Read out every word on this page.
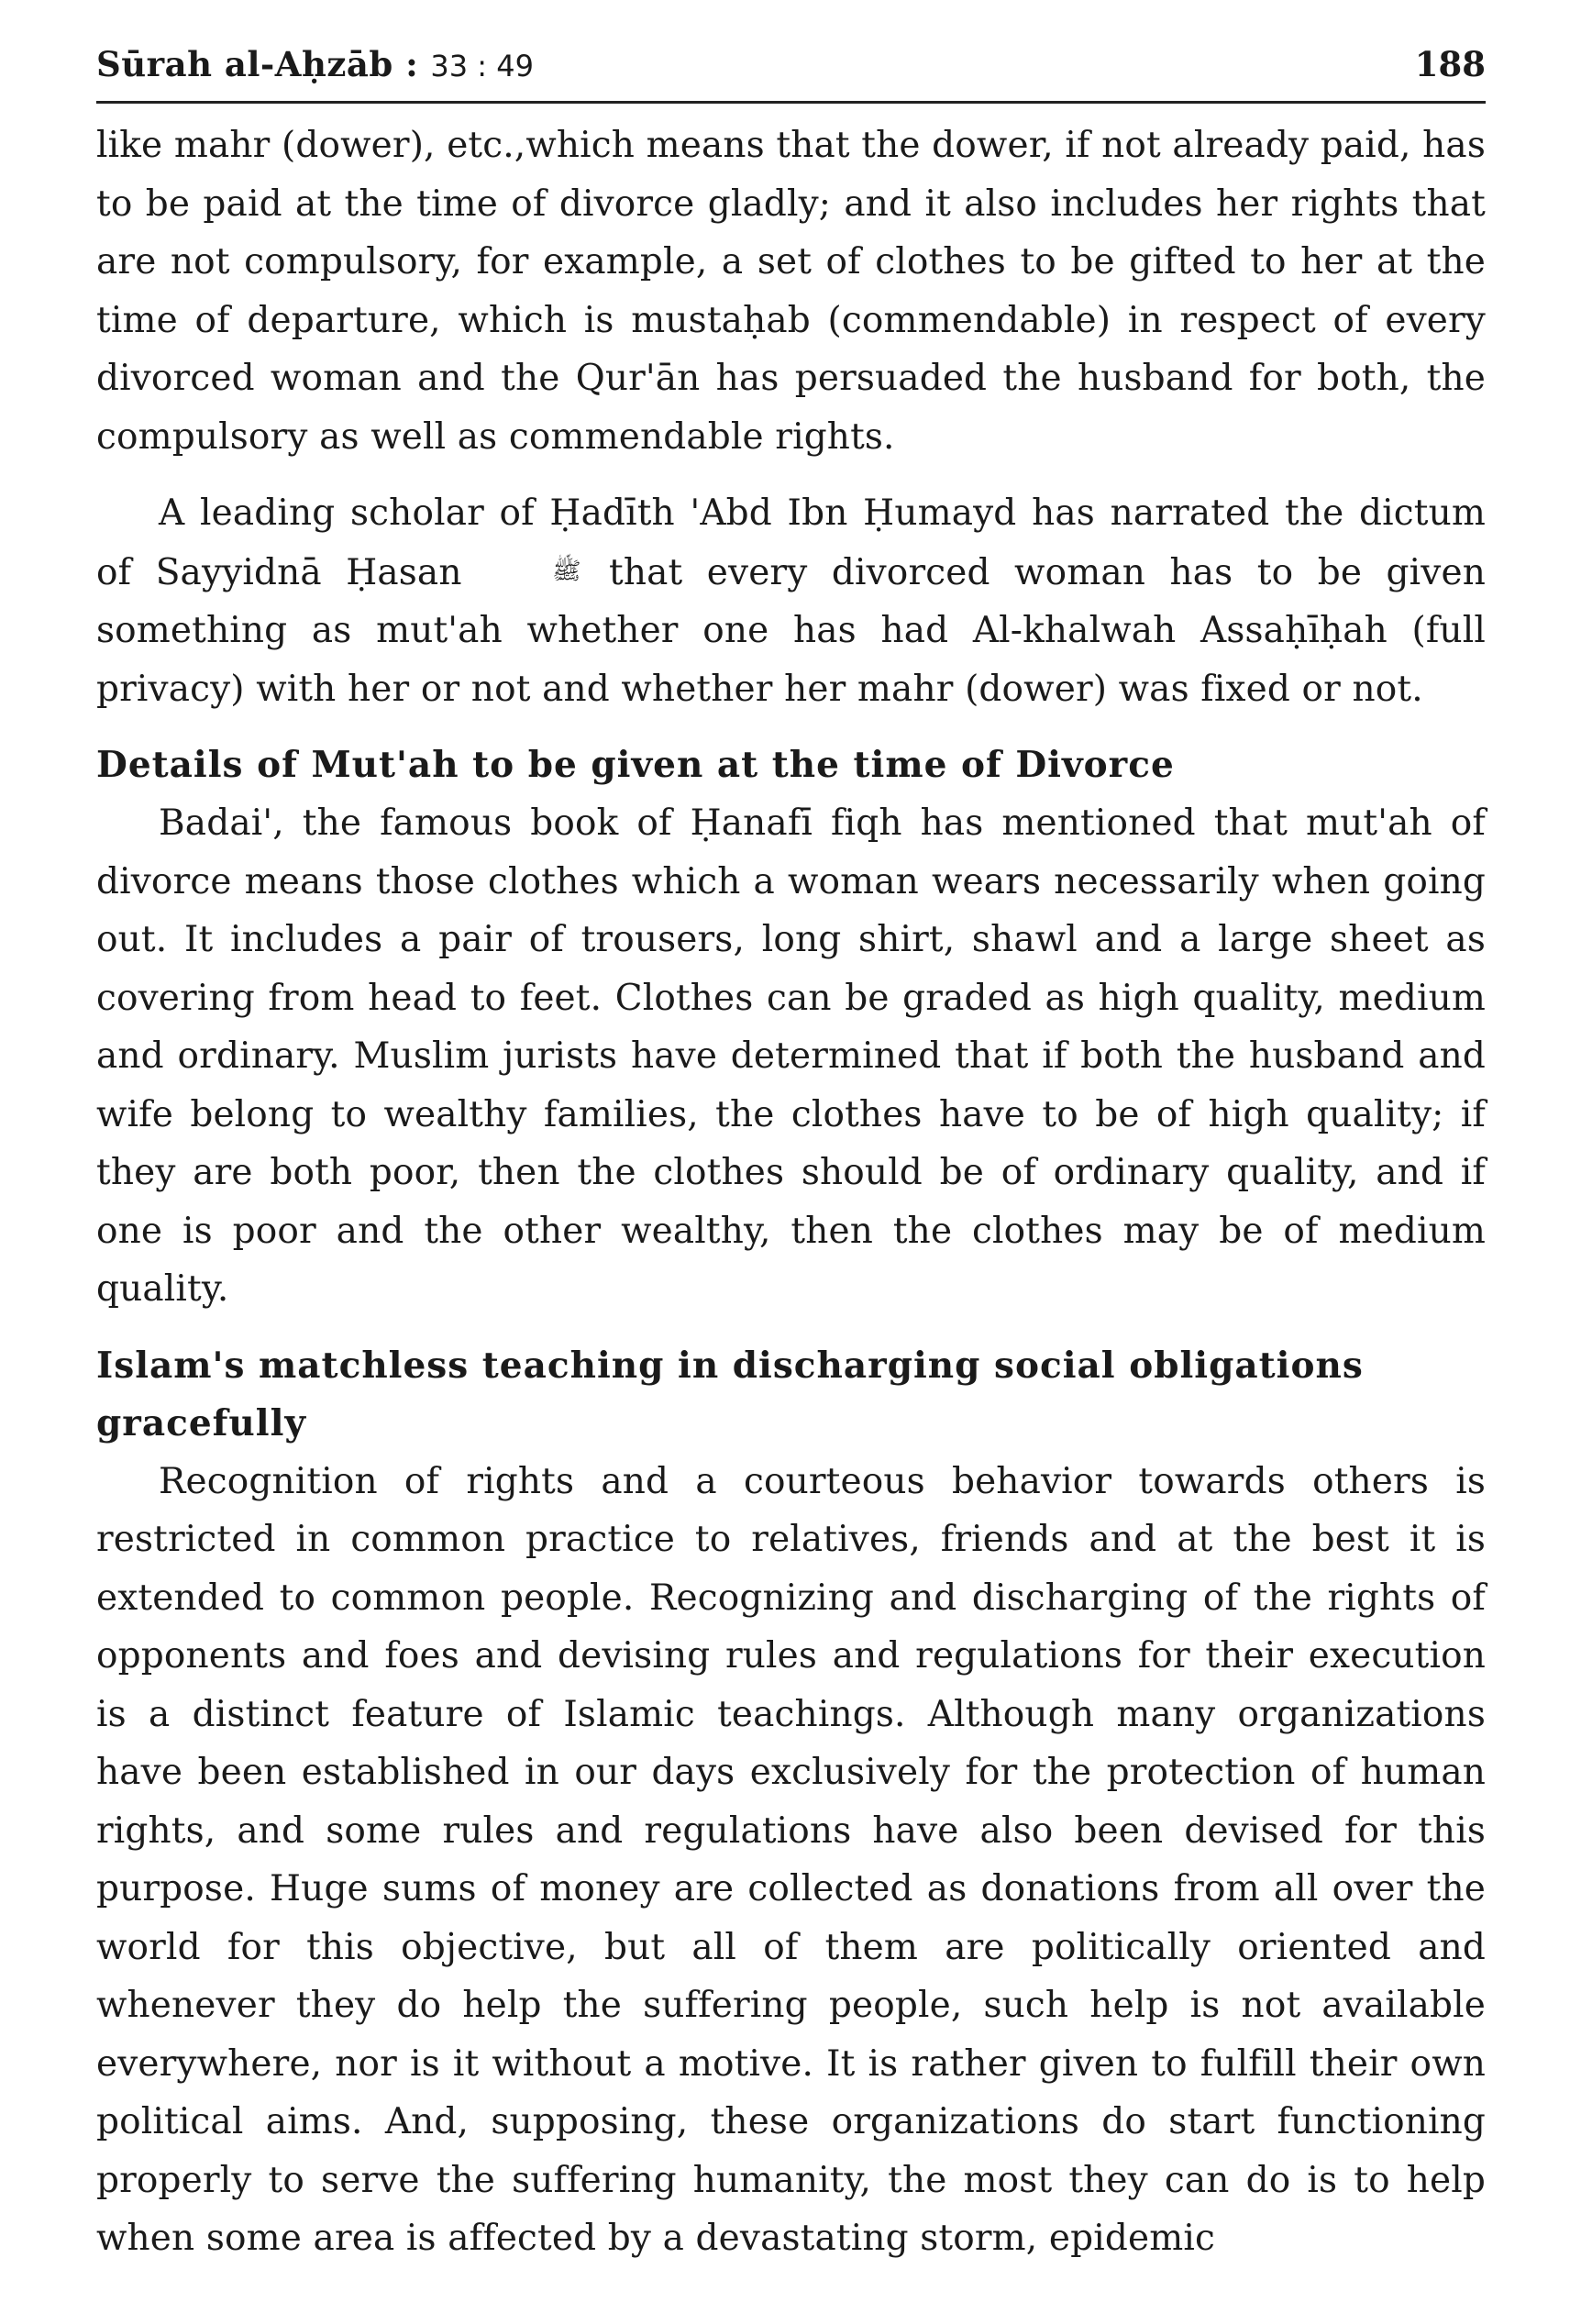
Sūrah al-Aḥzāb : 33 : 49	188

like mahr (dower), etc.,which means that the dower, if not already paid, has to be paid at the time of divorce gladly; and it also includes her rights that are not compulsory, for example, a set of clothes to be gifted to her at the time of departure, which is mustaḥab (commendable) in respect of every divorced woman and the Qur'ān has persuaded the husband for both, the compulsory as well as commendable rights.

A leading scholar of Ḥadīth 'Abd Ibn Ḥumayd has narrated the dictum of Sayyidnā Ḥasan	ﷺ that every divorced woman has to be given something as mut'ah whether one has had Al-khalwah Assaḥīḥah (full privacy) with her or not and whether her mahr (dower) was fixed or not.

Details of Mut'ah to be given at the time of Divorce

Badai', the famous book of Ḥanafī fiqh has mentioned that mut'ah of divorce means those clothes which a woman wears necessarily when going out. It includes a pair of trousers, long shirt, shawl and a large sheet as covering from head to feet. Clothes can be graded as high quality, medium and ordinary. Muslim jurists have determined that if both the husband and wife belong to wealthy families, the clothes have to be of high quality; if they are both poor, then the clothes should be of ordinary quality, and if one is poor and the other wealthy, then the clothes may be of medium quality.

Islam's matchless teaching in discharging social obligations gracefully

Recognition of rights and a courteous behavior towards others is restricted in common practice to relatives, friends and at the best it is extended to common people. Recognizing and discharging of the rights of opponents and foes and devising rules and regulations for their execution is a distinct feature of Islamic teachings. Although many organizations have been established in our days exclusively for the protection of human rights, and some rules and regulations have also been devised for this purpose. Huge sums of money are collected as donations from all over the world for this objective, but all of them are politically oriented and whenever they do help the suffering people, such help is not available everywhere, nor is it without a motive. It is rather given to fulfill their own political aims. And, supposing, these organizations do start functioning properly to serve the suffering humanity, the most they can do is to help when some area is affected by a devastating storm, epidemic
